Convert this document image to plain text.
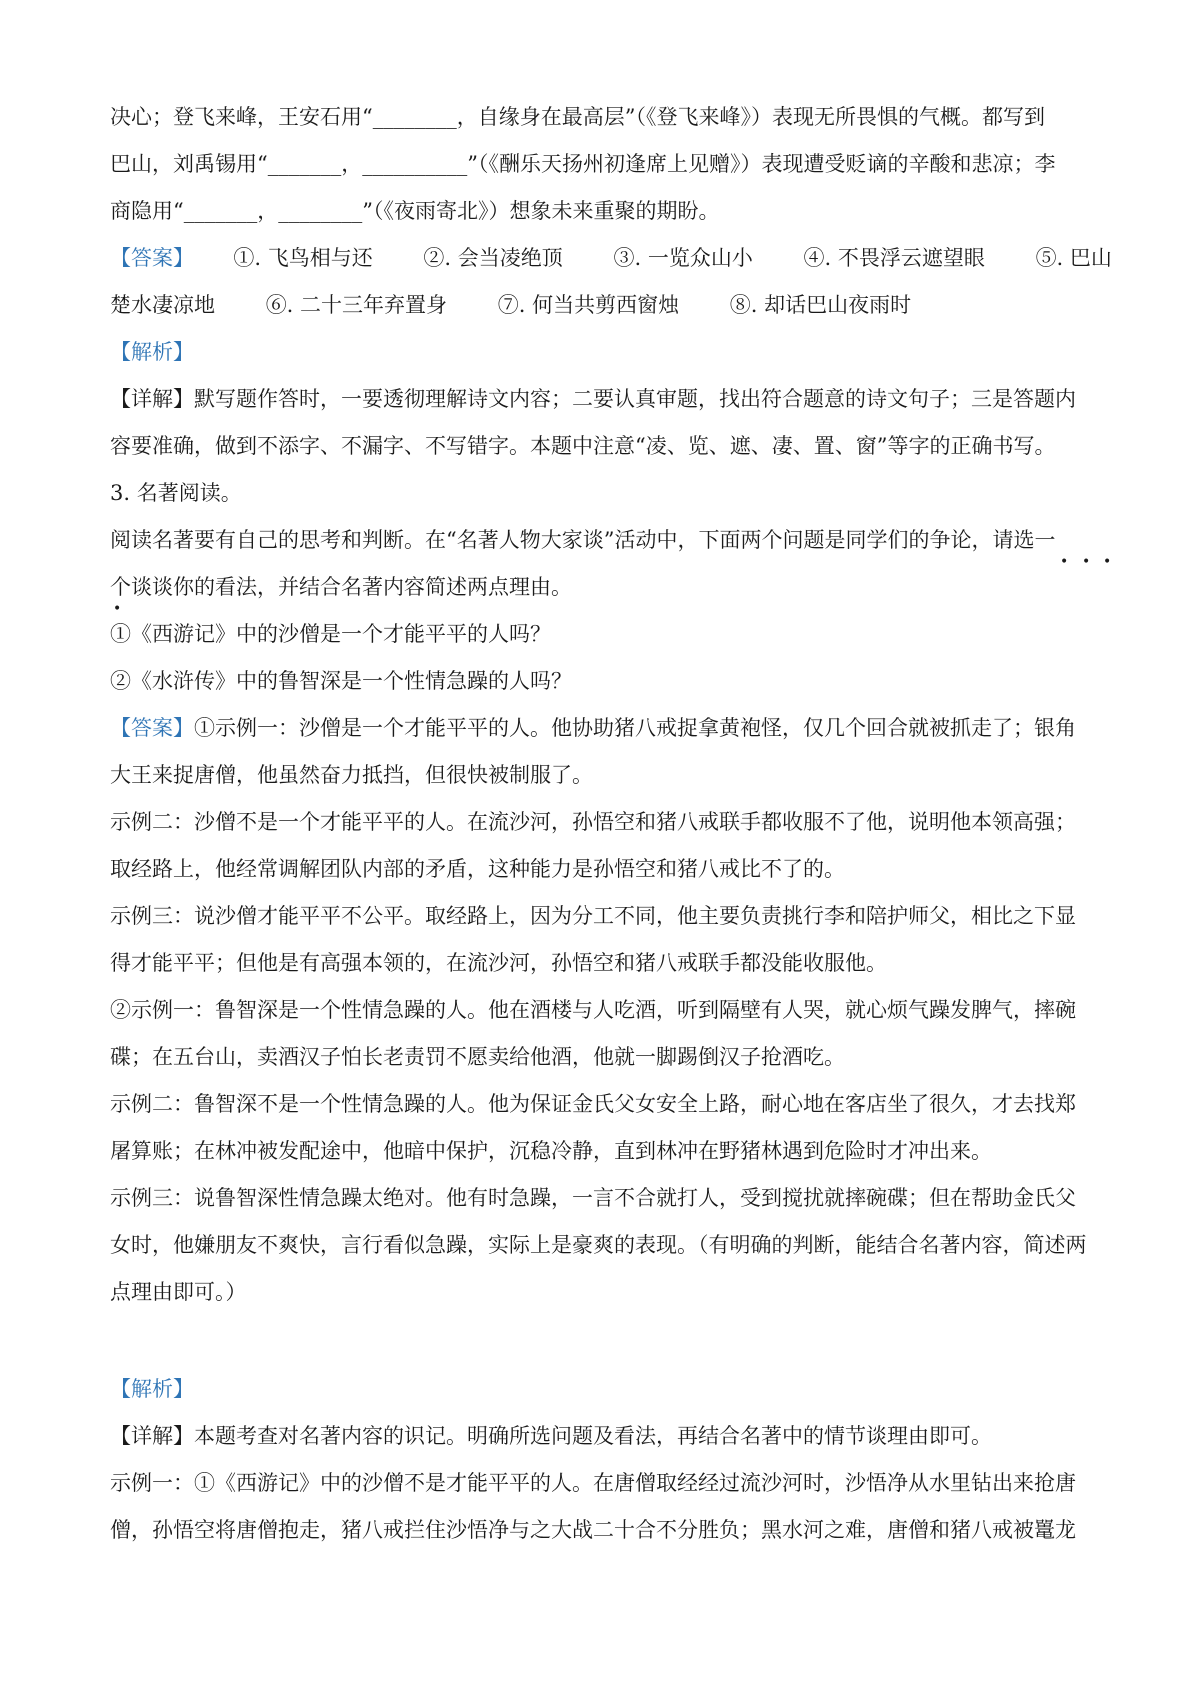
决心；登飞来峰，王安石用“________，自缘身在最高层”（《登飞来峰》）表现无所畏惧的气概。都写到
巴山，刘禹锡用“_______，__________”（《酬乐天扬州初逢席上见赠》）表现遭受贬谪的辛酸和悲凉；李
商隐用“_______，________”（《夜雨寄北》）想象未来重聚的期盼。
【答案】 ①. 飞鸟相与还 ②. 会当凌绝顶 ③. 一览众山小 ④. 不畏浮云遮望眼 ⑤. 巴山
楚水凄凉地 ⑥. 二十三年弃置身 ⑦. 何当共剪西窗烛 ⑧. 却话巴山夜雨时
【解析】
【详解】默写题作答时，一要透彻理解诗文内容；二要认真审题，找出符合题意的诗文句子；三是答题内
容要准确，做到不添字、不漏字、不写错字。本题中注意“凌、览、遮、凄、置、窗”等字的正确书写。
3. 名著阅读。
阅读名著要有自己的思考和判断。在“名著人物大家谈”活动中，下面两个问题是同学们的争论，请选一
• • •
•
个谈谈你的看法，并结合名著内容简述两点理由。
①《西游记》中的沙僧是一个才能平平的人吗？
②《水浒传》中的鲁智深是一个性情急躁的人吗？
【答案】①示例一：沙僧是一个才能平平的人。他协助猪八戒捉拿黄袍怪，仅几个回合就被抓走了；银角
大王来捉唐僧，他虽然奋力抵挡，但很快被制服了。
示例二：沙僧不是一个才能平平的人。在流沙河，孙悟空和猪八戒联手都收服不了他，说明他本领高强；
取经路上，他经常调解团队内部的矛盾，这种能力是孙悟空和猪八戒比不了的。
示例三：说沙僧才能平平不公平。取经路上，因为分工不同，他主要负责挑行李和陪护师父，相比之下显
得才能平平；但他是有高强本领的，在流沙河，孙悟空和猪八戒联手都没能收服他。
②示例一：鲁智深是一个性情急躁的人。他在酒楼与人吃酒，听到隔壁有人哭，就心烦气躁发脾气，摔碗
碟；在五台山，卖酒汉子怕长老责罚不愿卖给他酒，他就一脚踢倒汉子抢酒吃。
示例二：鲁智深不是一个性情急躁的人。他为保证金氏父女安全上路，耐心地在客店坐了很久，才去找郑
屠算账；在林冲被发配途中，他暗中保护，沉稳冷静，直到林冲在野猪林遇到危险时才冲出来。
示例三：说鲁智深性情急躁太绝对。他有时急躁，一言不合就打人，受到搅扰就摔碗碟；但在帮助金氏父
女时，他嫌朋友不爽快，言行看似急躁，实际上是豪爽的表现。（有明确的判断，能结合名著内容，简述两
点理由即可。）
【解析】
【详解】本题考查对名著内容的识记。明确所选问题及看法，再结合名著中的情节谈理由即可。
示例一：①《西游记》中的沙僧不是才能平平的人。在唐僧取经经过流沙河时，沙悟净从水里钻出来抢唐
僧，孙悟空将唐僧抱走，猪八戒拦住沙悟净与之大战二十合不分胜负；黑水河之难，唐僧和猪八戒被鼍龙
